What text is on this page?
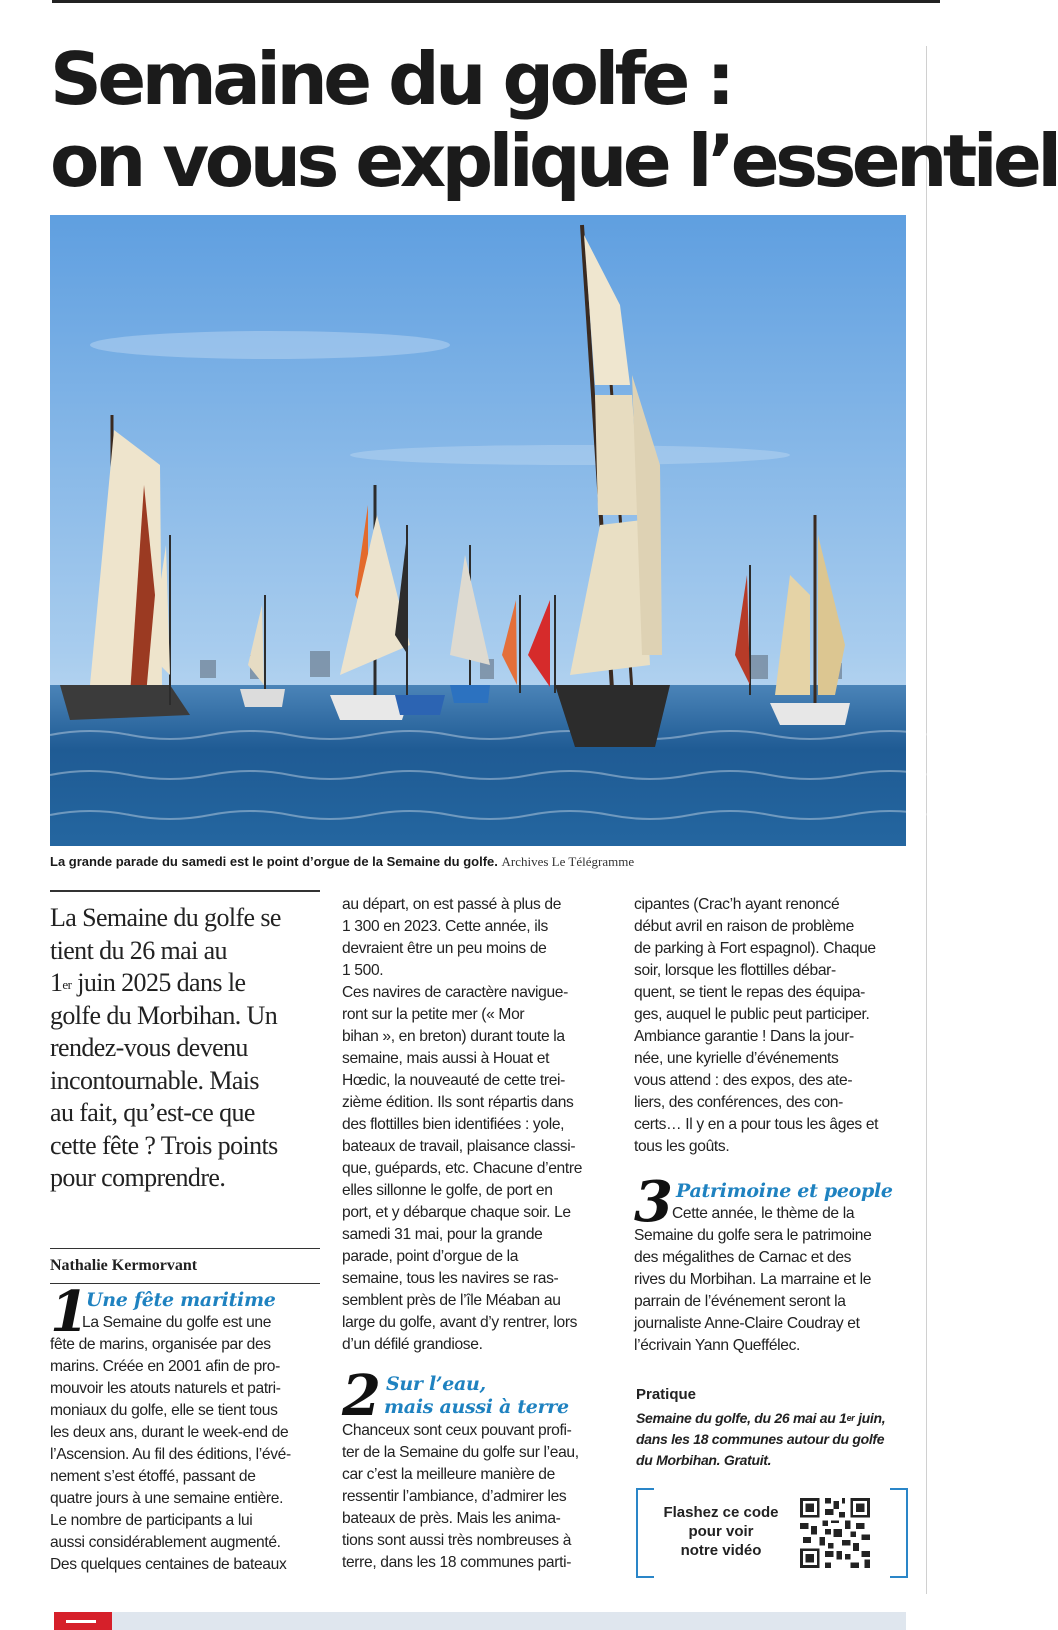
Semaine du golfe :
on vous explique l’essentiel
La grande parade du samedi est le point d’orgue de la Semaine du golfe. Archives Le Télégramme
La Semaine du golfe se
tient du 26 mai au
1er juin 2025 dans le
golfe du Morbihan. Un
rendez-vous devenu
incontournable. Mais
au fait, qu’est-ce que
cette fête ? Trois points
pour comprendre.
Nathalie Kermorvant
1
Une fête maritime
La Semaine du golfe est une
fête de marins, organisée par des
marins. Créée en 2001 afin de pro-
mouvoir les atouts naturels et patri-
moniaux du golfe, elle se tient tous
les deux ans, durant le week-end de
l’Ascension. Au fil des éditions, l’évé-
nement s’est étoffé, passant de
quatre jours à une semaine entière.
Le nombre de participants a lui
aussi considérablement augmenté.
Des quelques centaines de bateaux
au départ, on est passé à plus de
1 300 en 2023. Cette année, ils
devraient être un peu moins de
1 500.
Ces navires de caractère navigue-
ront sur la petite mer (« Mor
bihan », en breton) durant toute la
semaine, mais aussi à Houat et
Hœdic, la nouveauté de cette trei-
zième édition. Ils sont répartis dans
des flottilles bien identifiées : yole,
bateaux de travail, plaisance classi-
que, guépards, etc. Chacune d’entre
elles sillonne le golfe, de port en
port, et y débarque chaque soir. Le
samedi 31 mai, pour la grande
parade, point d’orgue de la
semaine, tous les navires se ras-
semblent près de l’île Méaban au
large du golfe, avant d’y rentrer, lors
d’un défilé grandiose.
2 Sur l’eau,
mais aussi à terre
Chanceux sont ceux pouvant profi-
ter de la Semaine du golfe sur l’eau,
car c’est la meilleure manière de
ressentir l’ambiance, d’admirer les
bateaux de près. Mais les anima-
tions sont aussi très nombreuses à
terre, dans les 18 communes parti-
cipantes (Crac’h ayant renoncé
début avril en raison de problème
de parking à Fort espagnol). Chaque
soir, lorsque les flottilles débar-
quent, se tient le repas des équipa-
ges, auquel le public peut participer.
Ambiance garantie ! Dans la jour-
née, une kyrielle d’événements
vous attend : des expos, des ate-
liers, des conférences, des con-
certs… Il y en a pour tous les âges et
tous les goûts.
3 Patrimoine et people
Cette année, le thème de la
Semaine du golfe sera le patrimoine
des mégalithes de Carnac et des
rives du Morbihan. La marraine et le
parrain de l’événement seront la
journaliste Anne-Claire Coudray et
l’écrivain Yann Queffélec.
Pratique
Semaine du golfe, du 26 mai au 1er juin,
dans les 18 communes autour du golfe
du Morbihan. Gratuit.
Flashez ce code
pour voir
notre vidéo
